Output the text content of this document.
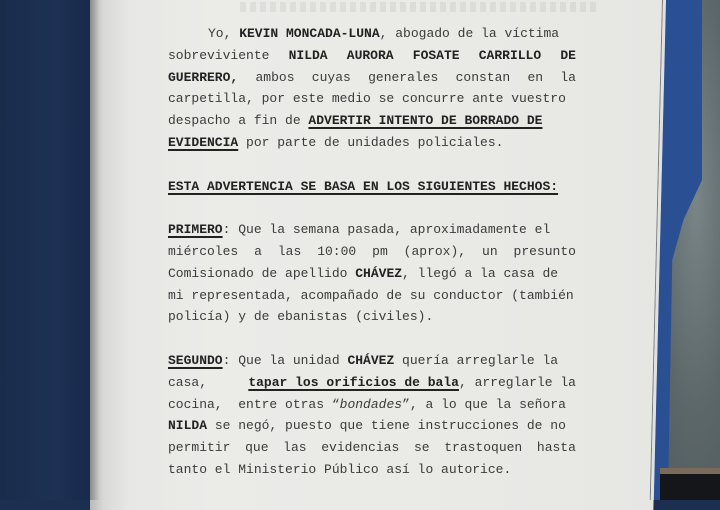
Yo, KEVIN MONCADA-LUNA , abogado de la víctima
sobreviviente NILDA AURORA FOSATE CARRILLO DE
GUERRERO, ambos cuyas generales constan en la
carpetilla, por este medio se concurre ante vuestro
despacho a fin de ADVERTIR INTENTO DE BORRADO DE
EVIDENCIA por parte de unidades policiales.
ESTA ADVERTENCIA SE BASA EN LOS SIGUIENTES HECHOS:
PRIMERO : Que la semana pasada, aproximadamente el
miércoles a las 10:00 pm (aprox), un presunto
Comisionado de apellido CHÁVEZ , llegó a la casa de
mi representada, acompañado de su conductor (también
policía) y de ebanistas (civiles).
SEGUNDO : Que la unidad CHÁVEZ quería arreglarle la
casa,	tapar los orificios de bala, arreglarle la
cocina,  entre otras “ bondades ”, a lo que la señora
NILDA se negó, puesto que tiene instrucciones de no
permitir que las evidencias se trastoquen hasta
tanto el Ministerio Público así lo autorice.
